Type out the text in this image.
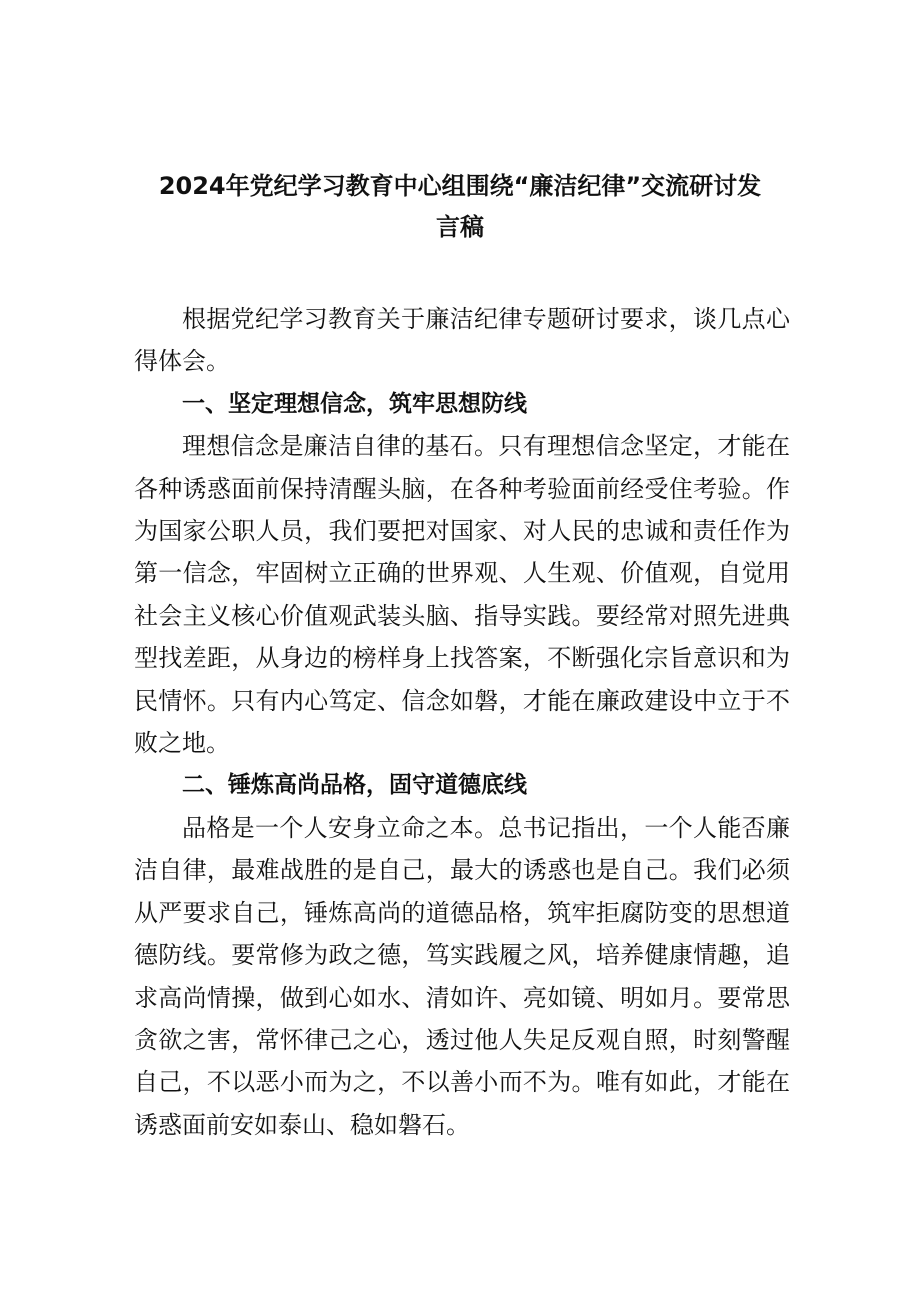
2024年党纪学习教育中心组围绕“廉洁纪律”交流研讨发言稿

根据党纪学习教育关于廉洁纪律专题研讨要求，谈几点心得体会。

一、坚定理想信念，筑牢思想防线

理想信念是廉洁自律的基石。只有理想信念坚定，才能在各种诱惑面前保持清醒头脑，在各种考验面前经受住考验。作为国家公职人员，我们要把对国家、对人民的忠诚和责任作为第一信念，牢固树立正确的世界观、人生观、价值观，自觉用社会主义核心价值观武装头脑、指导实践。要经常对照先进典型找差距，从身边的榜样身上找答案，不断强化宗旨意识和为民情怀。只有内心笃定、信念如磐，才能在廉政建设中立于不败之地。

二、锤炼高尚品格，固守道德底线

品格是一个人安身立命之本。总书记指出，一个人能否廉洁自律，最难战胜的是自己，最大的诱惑也是自己。我们必须从严要求自己，锤炼高尚的道德品格，筑牢拒腐防变的思想道德防线。要常修为政之德，笃实践履之风，培养健康情趣，追求高尚情操，做到心如水、清如许、亮如镜、明如月。要常思贪欲之害，常怀律己之心，透过他人失足反观自照，时刻警醒自己，不以恶小而为之，不以善小而不为。唯有如此，才能在诱惑面前安如泰山、稳如磐石。
